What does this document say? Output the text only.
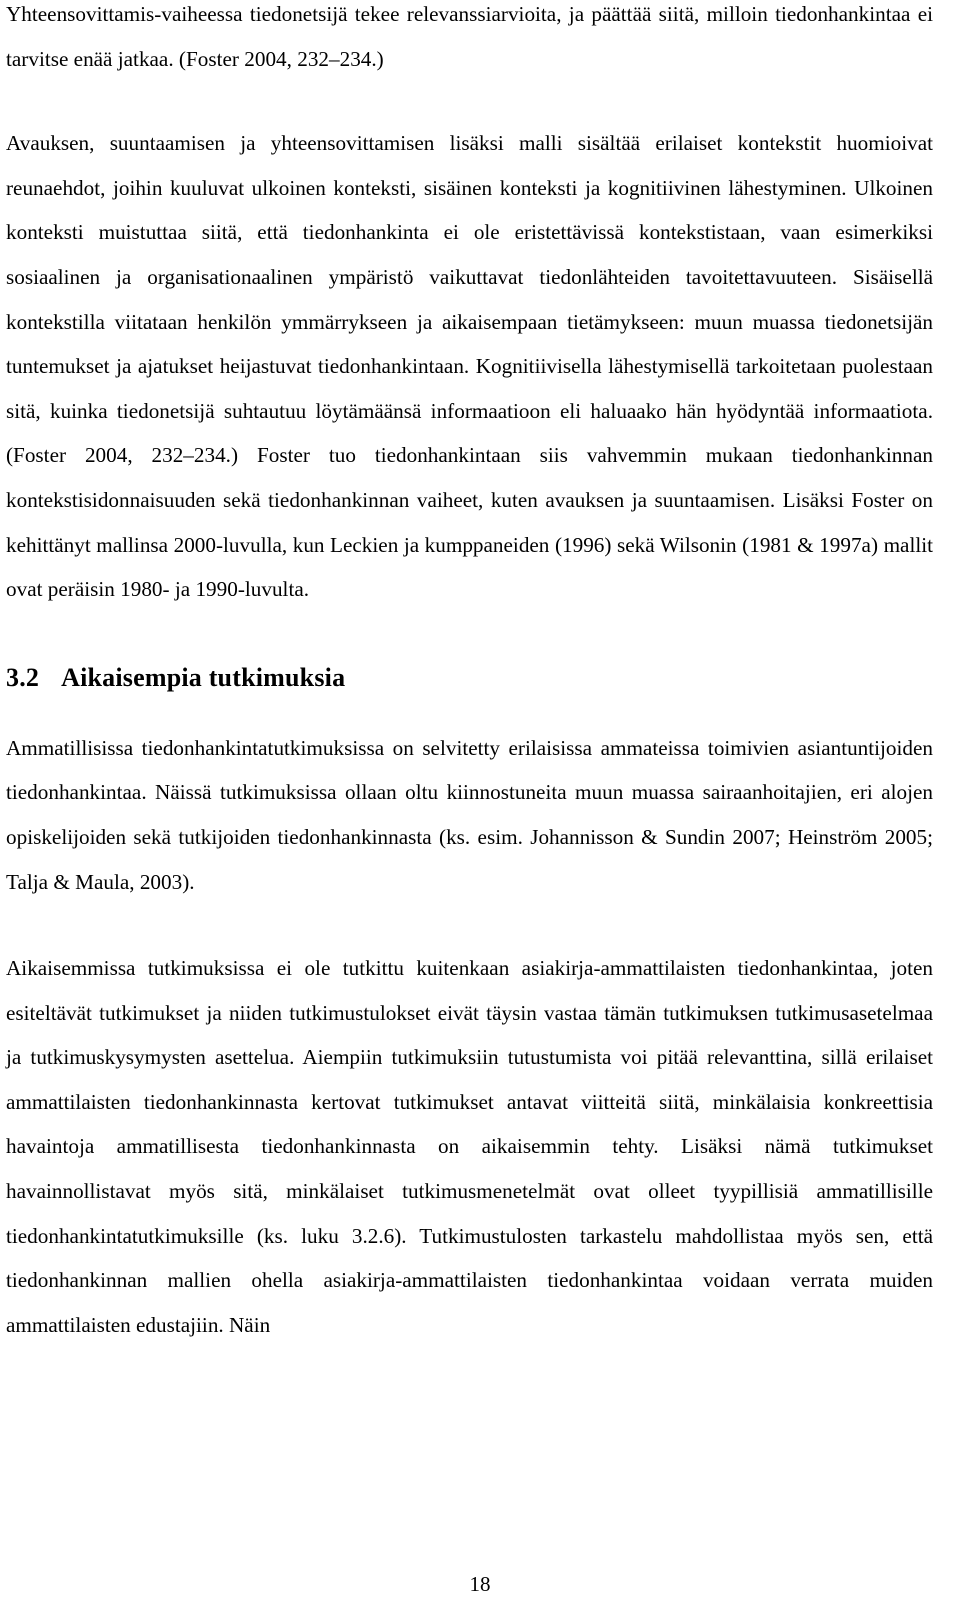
Yhteensovittamis-vaiheessa tiedonetsijä tekee relevanssiarvioita, ja päättää siitä, milloin tiedonhankintaa ei tarvitse enää jatkaa. (Foster 2004, 232–234.)

Avauksen, suuntaamisen ja yhteensovittamisen lisäksi malli sisältää erilaiset kontekstit huomioivat reunaehdot, joihin kuuluvat ulkoinen konteksti, sisäinen konteksti ja kognitiivinen lähestyminen. Ulkoinen konteksti muistuttaa siitä, että tiedonhankinta ei ole eristettävissä kontekstistaan, vaan esimerkiksi sosiaalinen ja organisationaalinen ympäristö vaikuttavat tiedonlähteiden tavoitettavuuteen. Sisäisellä kontekstilla viitataan henkilön ymmärrykseen ja aikaisempaan tietämykseen: muun muassa tiedonetsijän tuntemukset ja ajatukset heijastuvat tiedonhankintaan. Kognitiivisella lähestymisellä tarkoitetaan puolestaan sitä, kuinka tiedonetsijä suhtautuu löytämäänsä informaatioon eli haluaako hän hyödyntää informaatiota. (Foster 2004, 232–234.) Foster tuo tiedonhankintaan siis vahvemmin mukaan tiedonhankinnan kontekstisidonnaisuuden sekä tiedonhankinnan vaiheet, kuten avauksen ja suuntaamisen. Lisäksi Foster on kehittänyt mallinsa 2000-luvulla, kun Leckien ja kumppaneiden (1996) sekä Wilsonin (1981 & 1997a) mallit ovat peräisin 1980- ja 1990-luvulta.

3.2 Aikaisempia tutkimuksia

Ammatillisissa tiedonhankintatutkimuksissa on selvitetty erilaisissa ammateissa toimivien asiantuntijoiden tiedonhankintaa. Näissä tutkimuksissa ollaan oltu kiinnostuneita muun muassa sairaanhoitajien, eri alojen opiskelijoiden sekä tutkijoiden tiedonhankinnasta (ks. esim. Johannisson & Sundin 2007; Heinström 2005; Talja & Maula, 2003).

Aikaisemmissa tutkimuksissa ei ole tutkittu kuitenkaan asiakirja-ammattilaisten tiedonhankintaa, joten esiteltävät tutkimukset ja niiden tutkimustulokset eivät täysin vastaa tämän tutkimuksen tutkimusasetelmaa ja tutkimuskysymysten asettelua. Aiempiin tutkimuksiin tutustumista voi pitää relevanttina, sillä erilaiset ammattilaisten tiedonhankinnasta kertovat tutkimukset antavat viitteitä siitä, minkälaisia konkreettisia havaintoja ammatillisesta tiedonhankinnasta on aikaisemmin tehty. Lisäksi nämä tutkimukset havainnollistavat myös sitä, minkälaiset tutkimusmenetelmät ovat olleet tyypillisiä ammatillisille tiedonhankintatutkimuksille (ks. luku 3.2.6). Tutkimustulosten tarkastelu mahdollistaa myös sen, että tiedonhankinnan mallien ohella asiakirja-ammattilaisten tiedonhankintaa voidaan verrata muiden ammattilaisten edustajiin. Näin

18
